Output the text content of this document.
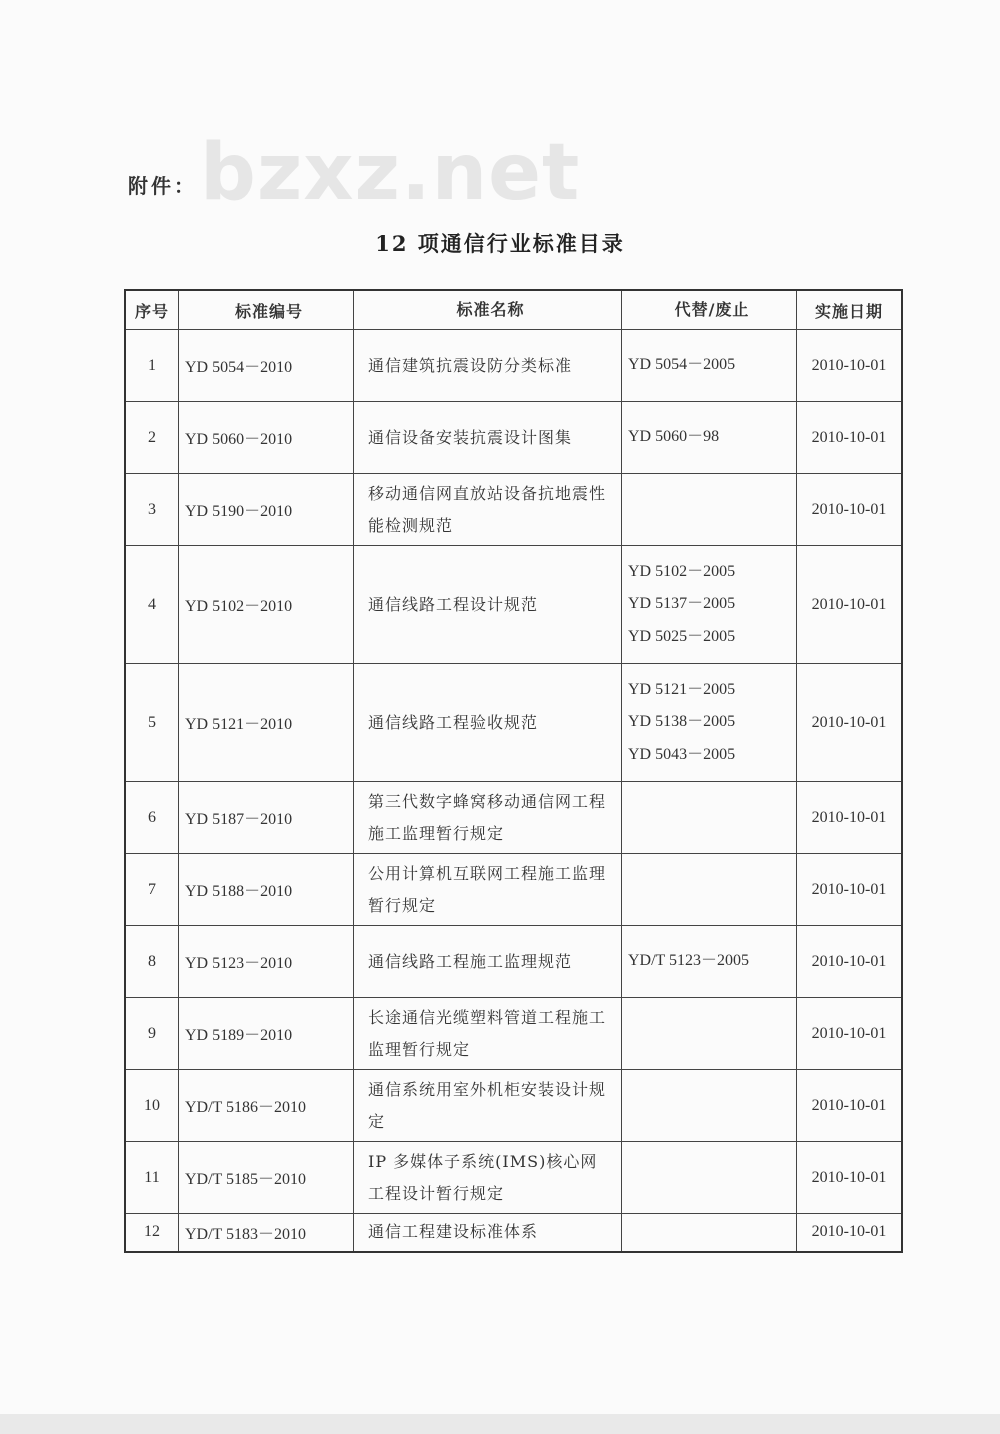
bzxz.net
附件：
12 项通信行业标准目录
序号	标准编号	标准名称	代替/废止	实施日期
1	YD 5054－2010	通信建筑抗震设防分类标准	YD 5054－2005	2010-10-01
2	YD 5060－2010	通信设备安装抗震设计图集	YD 5060－98	2010-10-01
3	YD 5190－2010	移动通信网直放站设备抗地震性能检测规范		2010-10-01
4	YD 5102－2010	通信线路工程设计规范	YD 5102－2005
YD 5137－2005
YD 5025－2005	2010-10-01
5	YD 5121－2010	通信线路工程验收规范	YD 5121－2005
YD 5138－2005
YD 5043－2005	2010-10-01
6	YD 5187－2010	第三代数字蜂窝移动通信网工程施工监理暂行规定		2010-10-01
7	YD 5188－2010	公用计算机互联网工程施工监理暂行规定		2010-10-01
8	YD 5123－2010	通信线路工程施工监理规范	YD/T 5123－2005	2010-10-01
9	YD 5189－2010	长途通信光缆塑料管道工程施工监理暂行规定		2010-10-01
10	YD/T 5186－2010	通信系统用室外机柜安装设计规定		2010-10-01
11	YD/T 5185－2010	IP 多媒体子系统(IMS)核心网工程设计暂行规定		2010-10-01
12	YD/T 5183－2010	通信工程建设标准体系		2010-10-01
